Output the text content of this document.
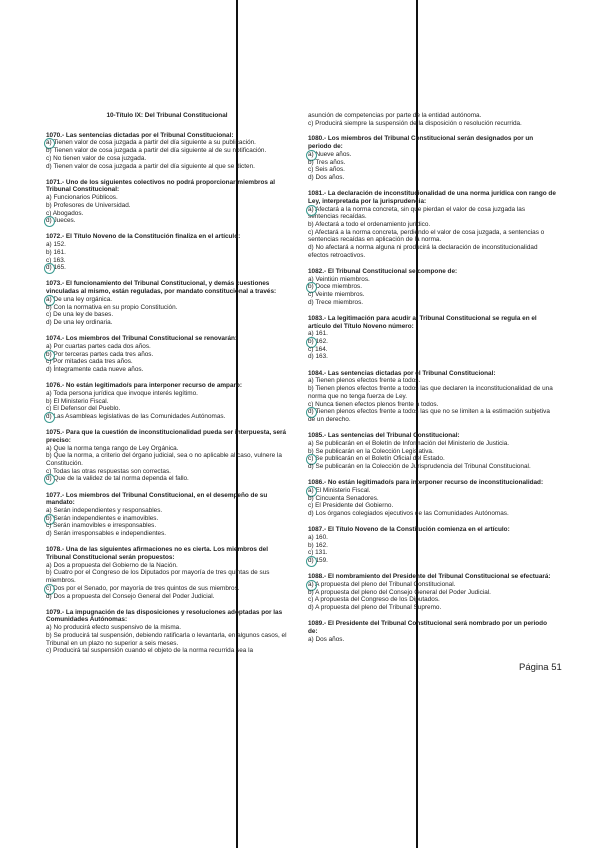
10-Título IX: Del Tribunal Constitucional
1070.- Las sentencias dictadas por el Tribunal Constitucional:
a) Tienen valor de cosa juzgada a partir del día siguiente a su publicación.
b) Tienen valor de cosa juzgada a partir del día siguiente al de su notificación.
c) No tienen valor de cosa juzgada.
d) Tienen valor de cosa juzgada a partir del día siguiente al que se dicten.
1071.- Uno de los siguientes colectivos no podrá proporcionar miembros al Tribunal Constitucional:
a) Funcionarios Públicos.
b) Profesores de Universidad.
c) Abogados.
d) Jueces.
1072.- El Título Noveno de la Constitución finaliza en el artículo:
a) 152.
b) 161.
c) 163.
d) 165.
1073.- El funcionamiento del Tribunal Constitucional, y demás cuestiones vinculadas al mismo, están reguladas, por mandato constitucional a través:
a) De una ley orgánica.
b) Con la normativa en su propio Constitución.
c) De una ley de bases.
d) De una ley ordinaria.
1074.- Los miembros del Tribunal Constitucional se renovarán:
a) Por cuartas partes cada dos años.
b) Por terceras partes cada tres años.
c) Por mitades cada tres años.
d) Íntegramente cada nueve años.
1076.- No están legitimado/s para interponer recurso de amparo:
a) Toda persona jurídica que invoque interés legítimo.
b) El Ministerio Fiscal.
c) El Defensor del Pueblo.
d) Las Asambleas legislativas de las Comunidades Autónomas.
1075.- Para que la cuestión de inconstitucionalidad pueda ser interpuesta, será preciso:
a) Que la norma tenga rango de Ley Orgánica.
b) Que la norma, a criterio del órgano judicial, sea o no aplicable al caso, vulnere la Constitución.
c) Todas las otras respuestas son correctas.
d) Que de la validez de tal norma dependa el fallo.
1077.- Los miembros del Tribunal Constitucional, en el desempeño de su mandato:
a) Serán independientes y responsables.
b) Serán independientes e inamovibles.
c) Serán inamovibles e irresponsables.
d) Serán irresponsables e independientes.
1078.- Una de las siguientes afirmaciones no es cierta. Los miembros del Tribunal Constitucional serán propuestos:
a) Dos a propuesta del Gobierno de la Nación.
b) Cuatro por el Congreso de los Diputados por mayoría de tres quintas de sus miembros.
c) Dos por el Senado, por mayoría de tres quintos de sus miembros.
d) Dos a propuesta del Consejo General del Poder Judicial.
1079.- La impugnación de las disposiciones y resoluciones adoptadas por las Comunidades Autónomas:
a) No producirá efecto suspensivo de la misma.
b) Se producirá tal suspensión, debiendo ratificarla o levantarla, en algunos casos, el Tribunal en un plazo no superior a seis meses.
c) Producirá tal suspensión cuando el objeto de la norma recurrida sea la
asunción de competencias por parte de la entidad autónoma.
c) Producirá siempre la suspensión de la disposición o resolución recurrida.
1080.- Los miembros del Tribunal Constitucional serán designados por un periodo de:
a) Nueve años.
b) Tres años.
c) Seis años.
d) Dos años.
1081.- La declaración de inconstitucionalidad de una norma jurídica con rango de Ley, interpretada por la jurisprudencia:
a) Afectará a la norma concreta, sin que pierdan el valor de cosa juzgada las sentencias recaídas.
b) Afectará a todo el ordenamiento jurídico.
c) Afectará a la norma concreta, perdiendo el valor de cosa juzgada, a sentencias o sentencias recaídas en aplicación de la norma.
d) No afectará a norma alguna ni producirá la declaración de inconstitucionalidad efectos retroactivos.
1082.- El Tribunal Constitucional se compone de:
a) Veintiún miembros.
b) Doce miembros.
c) Veinte miembros.
d) Trece miembros.
1083.- La legitimación para acudir al Tribunal Constitucional se regula en el artículo del Título Noveno número:
a) 161.
b) 162.
c) 164.
d) 163.
1084.- Las sentencias dictadas por el Tribunal Constitucional:
a) Tienen plenos efectos frente a todos.
b) Tienen plenos efectos frente a todos las que declaren la inconstitucionalidad de una norma que no tenga fuerza de Ley.
c) Nunca tienen efectos plenos frente a todos.
d) Tienen plenos efectos frente a todos las que no se limiten a la estimación subjetiva de un derecho.
1085.- Las sentencias del Tribunal Constitucional:
a) Se publicarán en el Boletín de Información del Ministerio de Justicia.
b) Se publicarán en la Colección Legislativa.
c) Se publicarán en el Boletín Oficial del Estado.
d) Se publicarán en la Colección de Jurisprudencia del Tribunal Constitucional.
1086.- No están legitimado/s para interponer recurso de inconstitucionalidad:
a) El Ministerio Fiscal.
b) Cincuenta Senadores.
c) El Presidente del Gobierno.
d) Los órganos colegiados ejecutivos de las Comunidades Autónomas.
1087.- El Título Noveno de la Constitución comienza en el artículo:
a) 160.
b) 162.
c) 131.
d) 159.
1088.- El nombramiento del Presidente del Tribunal Constitucional se efectuará:
a) A propuesta del pleno del Tribunal Constitucional.
b) A propuesta del pleno del Consejo General del Poder Judicial.
c) A propuesta del Congreso de los Diputados.
d) A propuesta del pleno del Tribunal Supremo.
1089.- El Presidente del Tribunal Constitucional será nombrado por un periodo de:
a) Dos años.
Página 51
